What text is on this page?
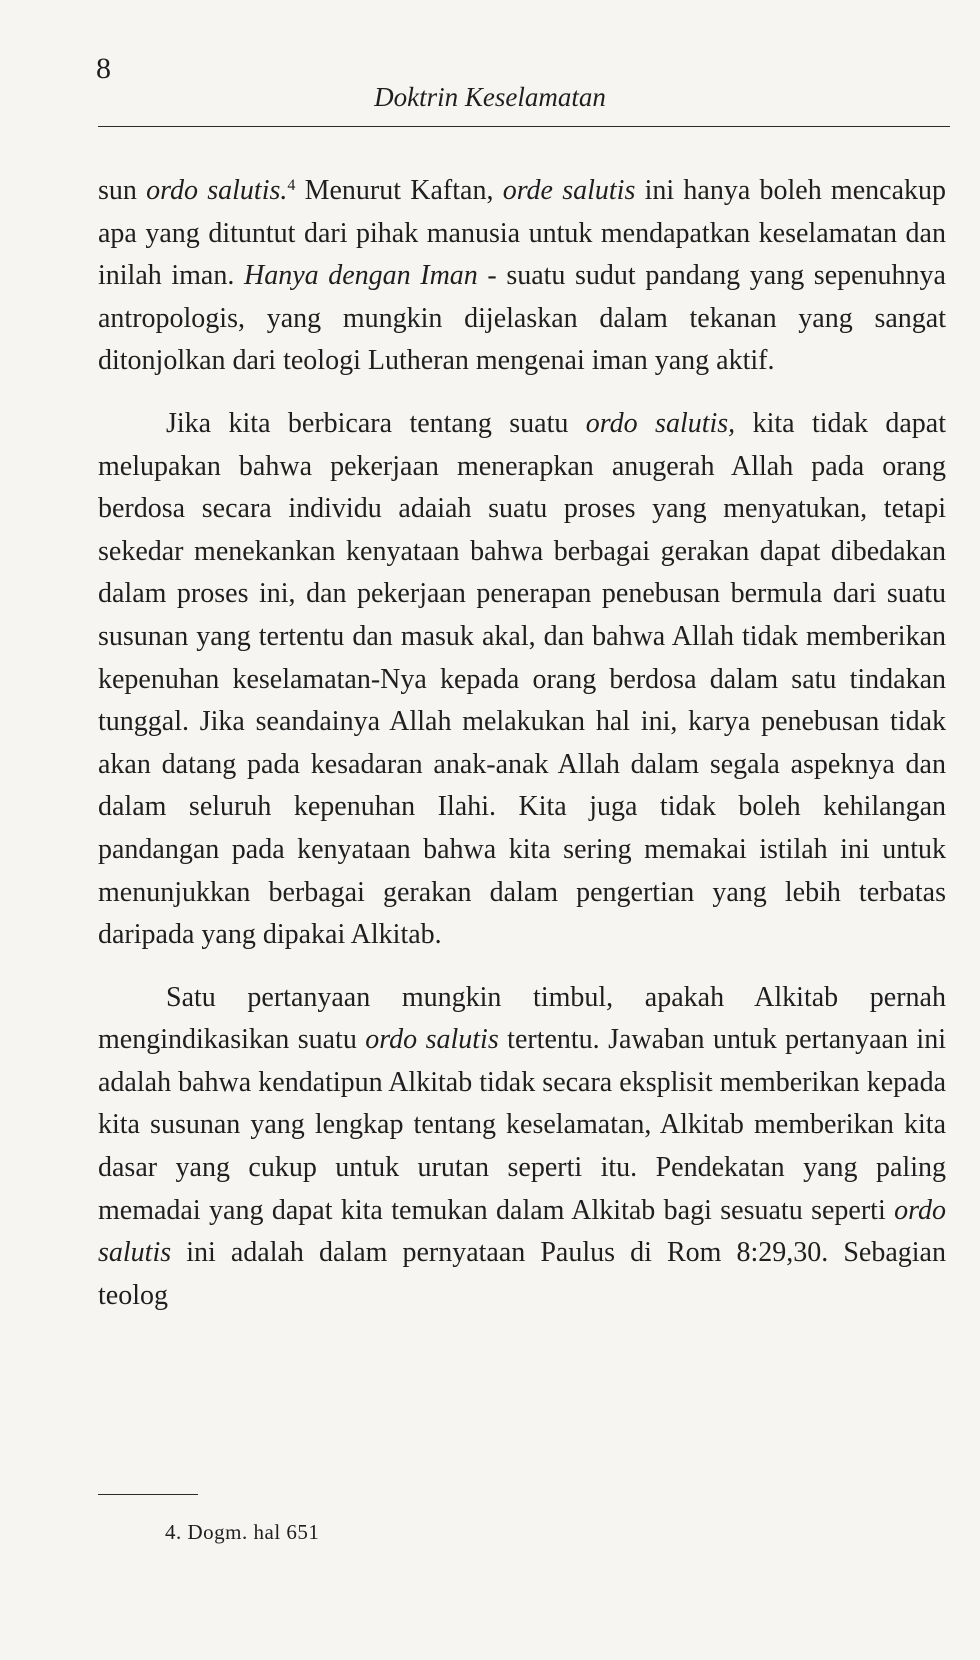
8
Doktrin Keselamatan

sun ordo salutis.$^4$ Menurut Kaftan, orde salutis ini hanya boleh mencakup apa yang dituntut dari pihak manusia untuk mendapatkan keselamatan dan inilah iman. Hanya dengan Iman - suatu sudut pandang yang sepenuhnya antropologis, yang mungkin dijelaskan dalam tekanan yang sangat ditonjolkan dari teologi Lutheran mengenai iman yang aktif.

Jika kita berbicara tentang suatu ordo salutis, kita tidak dapat melupakan bahwa pekerjaan menerapkan anugerah Allah pada orang berdosa secara individu adaiah suatu proses yang menyatukan, tetapi sekedar menekankan kenyataan bahwa berbagai gerakan dapat dibedakan dalam proses ini, dan pekerjaan penerapan penebusan bermula dari suatu susunan yang tertentu dan masuk akal, dan bahwa Allah tidak memberikan kepenuhan keselamatan-Nya kepada orang berdosa dalam satu tindakan tunggal. Jika seandainya Allah melakukan hal ini, karya penebusan tidak akan datang pada kesadaran anak-anak Allah dalam segala aspeknya dan dalam seluruh kepenuhan Ilahi. Kita juga tidak boleh kehilangan pandangan pada kenyataan bahwa kita sering memakai istilah ini untuk menunjukkan berbagai gerakan dalam pengertian yang lebih terbatas daripada yang dipakai Alkitab.

Satu pertanyaan mungkin timbul, apakah Alkitab pernah mengindikasikan suatu ordo salutis tertentu. Jawaban untuk pertanyaan ini adalah bahwa kendatipun Alkitab tidak secara eksplisit memberikan kepada kita susunan yang lengkap tentang keselamatan, Alkitab memberikan kita dasar yang cukup untuk urutan seperti itu. Pendekatan yang paling memadai yang dapat kita temukan dalam Alkitab bagi sesuatu seperti ordo salutis ini adalah dalam pernyataan Paulus di Rom 8:29,30. Sebagian teolog

4. Dogm. hal 651
